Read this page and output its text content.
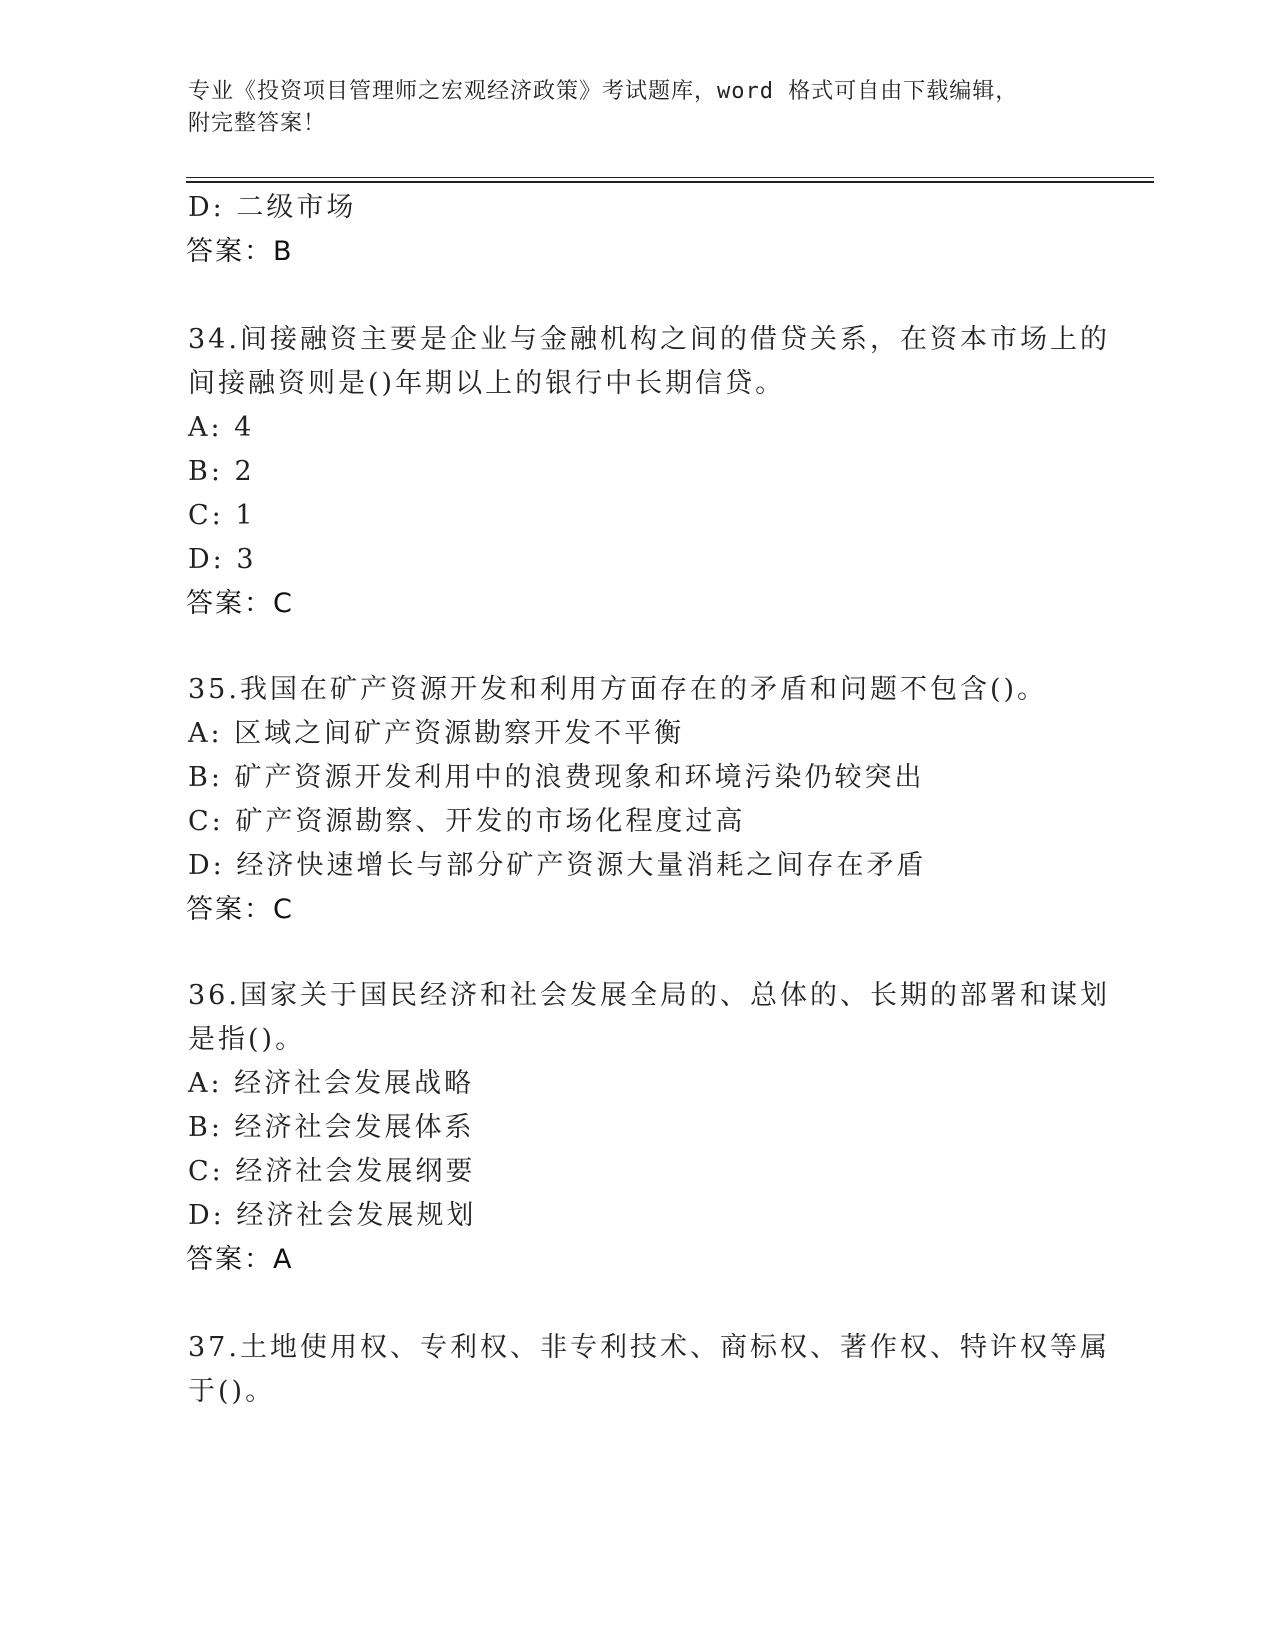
专业《投资项目管理师之宏观经济政策》考试题库，word 格式可自由下载编辑，
附完整答案！
D: 二级市场
答案：B
34.间接融资主要是企业与金融机构之间的借贷关系，在资本市场上的
间接融资则是()年期以上的银行中长期信贷。
A: 4
B: 2
C: 1
D: 3
答案：C
35.我国在矿产资源开发和利用方面存在的矛盾和问题不包含()。
A: 区域之间矿产资源勘察开发不平衡
B: 矿产资源开发利用中的浪费现象和环境污染仍较突出
C: 矿产资源勘察、开发的市场化程度过高
D: 经济快速增长与部分矿产资源大量消耗之间存在矛盾
答案：C
36.国家关于国民经济和社会发展全局的、总体的、长期的部署和谋划
是指()。
A: 经济社会发展战略
B: 经济社会发展体系
C: 经济社会发展纲要
D: 经济社会发展规划
答案：A
37.土地使用权、专利权、非专利技术、商标权、著作权、特许权等属
于()。
